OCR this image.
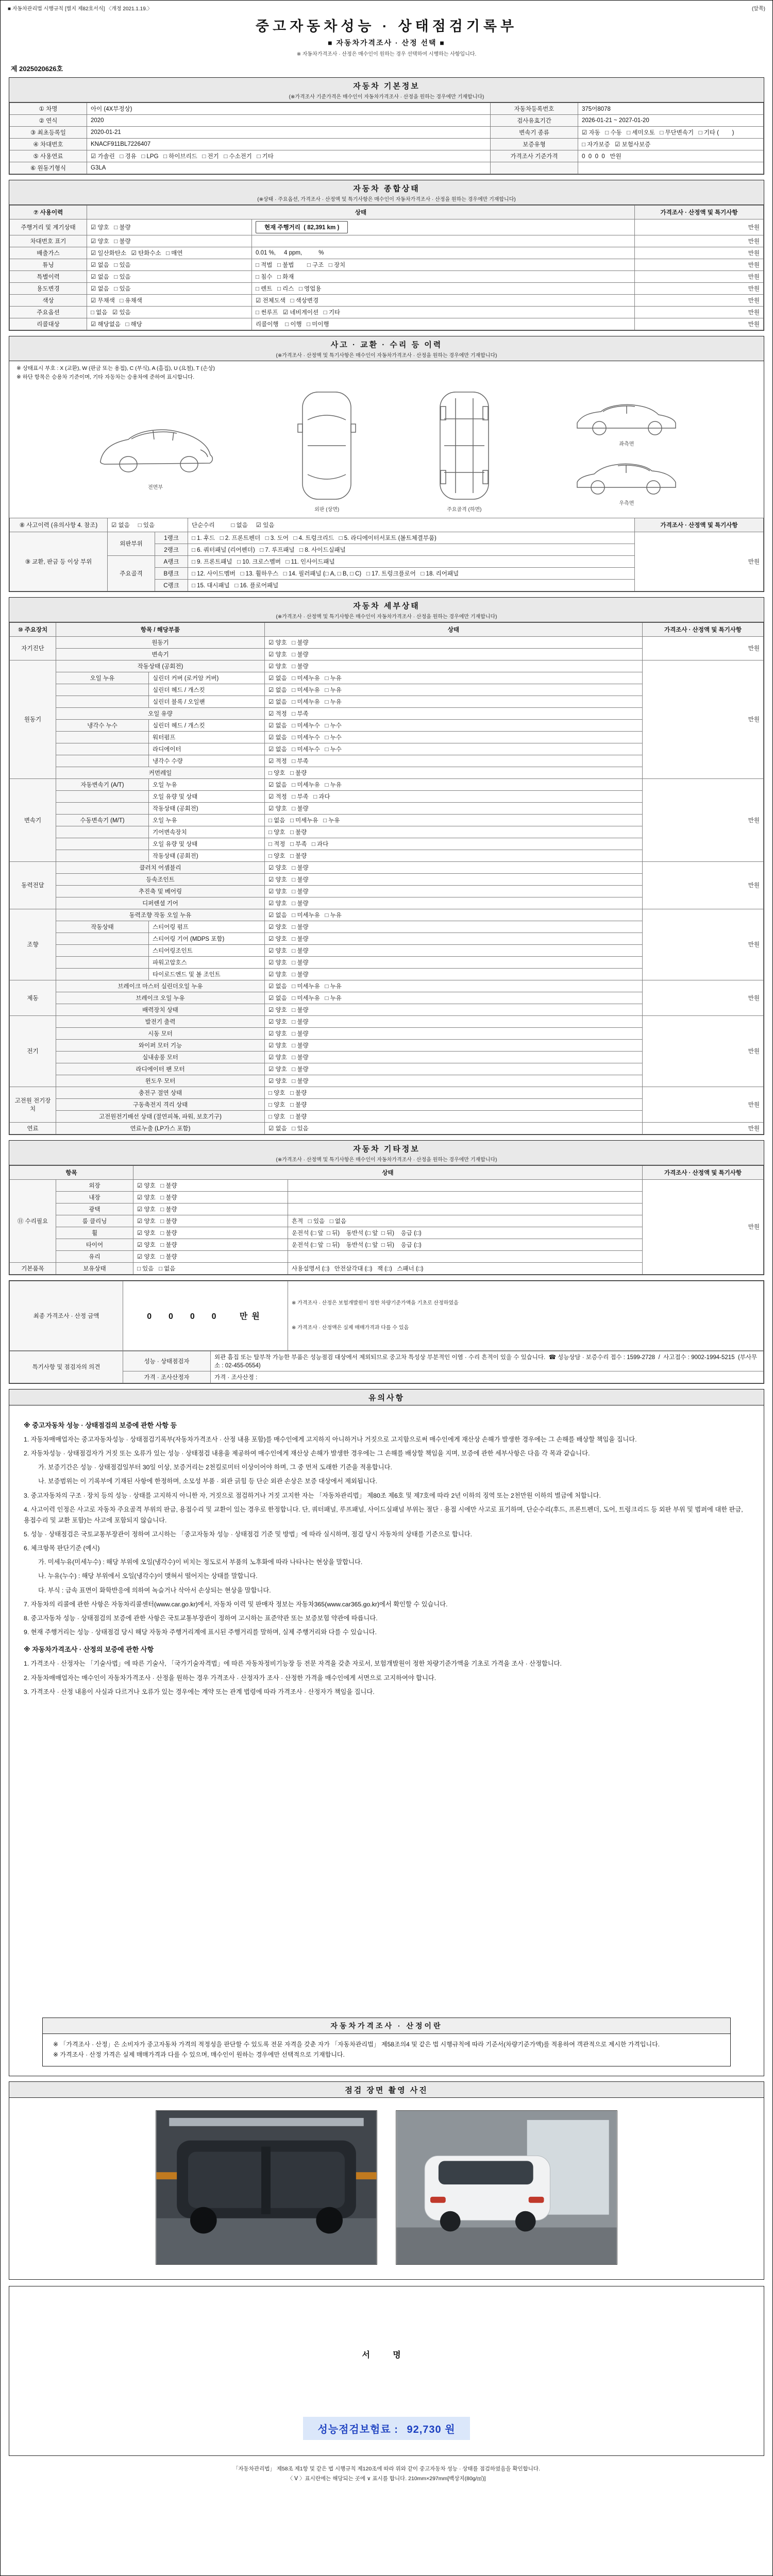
■ 자동차관리법 시행규칙 [별지 제82호서식] 〈개정 2021.1.19.〉	(앞쪽)
중고자동차성능 · 상태점검기록부
■ 자동차가격조사 · 산정 선택 ■
※ 자동차가격조사 · 산정은 매수인이 원하는 경우 선택하여 시행하는 사항입니다.
제 2025020626호
자동차 기본정보
(※가격조사 기준가격은 매수인이 자동차가격조사 · 산정을 원하는 경우에만 기재합니다)
① 차명	아이 (4X부정상)	자동차등록번호	375어8078
② 연식	2020	검사유효기간	2026-01-21 ~ 2027-01-20
③ 최초등록일	2020-01-21	변속기 종류	☑ 자동   □ 수동   □ 세미오토   □ 무단변속기   □ 기타 (        )
④ 차대번호	KNACF911BL7226407	보증유형	□ 자가보증   ☑ 보험사보증
⑤ 사용연료	☑ 가솔린   □ 경유   □ LPG   □ 하이브리드   □ 전기   □ 수소전기   □ 기타	가격조사 기준가격	0  0  0  0   만원
⑥ 원동기형식	G3LA		
자동차 종합상태
(※상태 · 주요옵션, 가격조사 · 산정액 및 특기사항은 매수인이 자동차가격조사 · 산정을 원하는 경우에만 기재합니다)
⑦ 사용이력	상태		가격조사 · 산정액 및 특기사항
주행거리 및 계기상태	☑ 양호   □ 불량	현재 주행거리  ( 82,391 km )	만원
차대번호 표기	☑ 양호   □ 불량		만원
배출가스	☑ 일산화탄소   ☑ 탄화수소   □ 매연	0.01 %,     4 ppm,          %	만원
튜닝	☑ 없음   □ 있음	□ 적법   □ 불법        □ 구조   □ 장치	만원
특별이력	☑ 없음   □ 있음	□ 침수   □ 화재	만원
용도변경	☑ 없음   □ 있음	□ 렌트   □ 리스   □ 영업용	만원
색상	☑ 무채색   □ 유채색	☑ 전체도색   □ 색상변경	만원
주요옵션	□ 없음   ☑ 있음	□ 썬루프   ☑ 네비게이션   □ 기타	만원
리콜대상	☑ 해당없음   □ 해당	리콜이행    □ 이행   □ 미이행	만원
사고 · 교환 · 수리 등 이력
(※가격조사 · 산정액 및 특기사항은 매수인이 자동차가격조사 · 산정을 원하는 경우에만 기재합니다)
※ 상태표시 부호 : X (교환), W (판금 또는 용접), C (부식), A (흠집), U (요철), T (손상)
※ 하단 항목은 승용차 기준이며, 기타 자동차는 승용차에 준하여 표시합니다.
전면부
외판 (상면)	주요골격 (하면)
좌측면
우측면
⑧ 사고이력 (유의사항 4. 참조)	☑ 없음     □ 있음		단순수리          □ 없음     ☑ 있음	가격조사 · 산정액 및 특기사항
⑨ 교환, 판금 등 이상 부위	외판부위	1랭크	□ 1. 후드   □ 2. 프론트펜더   □ 3. 도어   □ 4. 트렁크리드   □ 5. 라디에이터서포트 (볼트체결부품)	만원
		2랭크	□ 6. 쿼터패널 (리어펜더)   □ 7. 루프패널   □ 8. 사이드실패널	
	주요골격	A랭크	□ 9. 프론트패널   □ 10. 크로스멤버   □ 11. 인사이드패널	
		B랭크	□ 12. 사이드멤버   □ 13. 휠하우스   □ 14. 필러패널 (□ A, □ B, □ C)   □ 17. 트렁크플로어   □ 18. 리어패널	
		C랭크	□ 15. 대시패널   □ 16. 플로어패널	
자동차 세부상태
(※가격조사 · 산정액 및 특기사항은 매수인이 자동차가격조사 · 산정을 원하는 경우에만 기재합니다)
⑩ 주요장치	항목 / 해당부품		상태	가격조사 · 산정액 및 특기사항
자기진단	원동기		☑ 양호   □ 불량	만원
	변속기		☑ 양호   □ 불량	
원동기	작동상태 (공회전)		☑ 양호   □ 불량	만원
	오일 누유	실린더 커버 (로커암 커버)	☑ 없음   □ 미세누유   □ 누유	
		실린더 헤드 / 개스킷	☑ 없음   □ 미세누유   □ 누유	
		실린더 블록 / 오일팬	☑ 없음   □ 미세누유   □ 누유	
	오일 유량		☑ 적정   □ 부족	
	냉각수 누수	실린더 헤드 / 개스킷	☑ 없음   □ 미세누수   □ 누수	
		워터펌프	☑ 없음   □ 미세누수   □ 누수	
		라디에이터	☑ 없음   □ 미세누수   □ 누수	
		냉각수 수량	☑ 적정   □ 부족	
	커먼레일		□ 양호   □ 불량	
변속기	자동변속기 (A/T)	오일 누유	☑ 없음   □ 미세누유   □ 누유	만원
		오일 유량 및 상태	☑ 적정   □ 부족   □ 과다	
		작동상태 (공회전)	☑ 양호   □ 불량	
	수동변속기 (M/T)	오일 누유	□ 없음   □ 미세누유   □ 누유	
		기어변속장치	□ 양호   □ 불량	
		오일 유량 및 상태	□ 적정   □ 부족   □ 과다	
		작동상태 (공회전)	□ 양호   □ 불량	
동력전달	클러치 어셈블리		☑ 양호   □ 불량	만원
	등속조인트		☑ 양호   □ 불량	
	추진축 및 베어링		☑ 양호   □ 불량	
	디퍼렌셜 기어		☑ 양호   □ 불량	
조향	동력조향 작동 오일 누유		☑ 없음   □ 미세누유   □ 누유	만원
	작동상태	스티어링 펌프	☑ 양호   □ 불량	
		스티어링 기어 (MDPS 포함)	☑ 양호   □ 불량	
		스티어링조인트	☑ 양호   □ 불량	
		파워고압호스	☑ 양호   □ 불량	
		타이로드엔드 및 볼 조인트	☑ 양호   □ 불량	
제동	브레이크 마스터 실린더오일 누유		☑ 없음   □ 미세누유   □ 누유	만원
	브레이크 오일 누유		☑ 없음   □ 미세누유   □ 누유	
	배력장치 상태		☑ 양호   □ 불량	
전기	발전기 출력		☑ 양호   □ 불량	만원
	시동 모터		☑ 양호   □ 불량	
	와이퍼 모터 기능		☑ 양호   □ 불량	
	실내송풍 모터		☑ 양호   □ 불량	
	라디에이터 팬 모터		☑ 양호   □ 불량	
	윈도우 모터		☑ 양호   □ 불량	
고전원 전기장치	충전구 절연 상태		□ 양호   □ 불량	만원
	구동축전지 격리 상태		□ 양호   □ 불량	
	고전원전기배선 상태 (절연피복, 파워, 보호기구)		□ 양호   □ 불량	
연료	연료누출 (LP가스 포함)		☑ 없음   □ 있음	만원
자동차 기타정보
(※가격조사 · 산정액 및 특기사항은 매수인이 자동차가격조사 · 산정을 원하는 경우에만 기재합니다)
항목		상태		가격조사 · 산정액 및 특기사항
⑪ 수리필요	외장	☑ 양호   □ 불량		만원
	내장	☑ 양호   □ 불량		
	광택	☑ 양호   □ 불량		
	룸 클리닝	☑ 양호   □ 불량	흔적   □ 있음   □ 없음	
	휠	☑ 양호   □ 불량	운전석 (□ 앞  □ 뒤)    동반석 (□ 앞  □ 뒤)    응급 (□)	
	타이어	☑ 양호   □ 불량	운전석 (□ 앞  □ 뒤)    동반석 (□ 앞  □ 뒤)    응급 (□)	
	유리	☑ 양호   □ 불량		
기본품목	보유상태	□ 있음   □ 없음	사용설명서 (□)   안전삼각대 (□)   잭 (□)   스패너 (□)	
최종 가격조사 · 산정 금액	0  0  0  0   만원	

※ 가격조사 · 산정은 보험개발원이 정한 차량기준가액을 기초로 산정하였음

※ 가격조사 · 산정액은 실제 매매가격과 다를 수 있음

특기사항 및 점검자의 의견	성능 · 상태점검자	외관 흠집 또는 탈부착 가능한 부품은 성능점검 대상에서 제외되므로 중고차 특성상 부분적인 이염 · 수리 흔적이 있을 수 있습니다.  ☎ 성능상담 · 보증수리 접수 : 1599-2728  /  사고접수 : 9002-1994-5215  (부사무소 : 02-455-0554)
	가격 · 조사산정자	가격 · 조사산정 :
유의사항
※ 중고자동차 성능 · 상태점검의 보증에 관한 사항 등
1. 자동차매매업자는 중고자동차성능 · 상태점검기록부(자동차가격조사 · 산정 내용 포함)를 매수인에게 고지하지 아니하거나 거짓으로 고지함으로써 매수인에게 재산상 손해가 발생한 경우에는 그 손해를 배상할 책임을 집니다.
2. 자동차성능 · 상태점검자가 거짓 또는 오류가 있는 성능 · 상태점검 내용을 제공하여 매수인에게 재산상 손해가 발생한 경우에는 그 손해를 배상할 책임을 지며, 보증에 관한 세부사항은 다음 각 목과 같습니다.
가. 보증기간은 성능 · 상태점검일부터 30일 이상, 보증거리는 2천킬로미터 이상이어야 하며, 그 중 먼저 도래한 기준을 적용합니다.
나. 보증범위는 이 기록부에 기재된 사항에 한정하며, 소모성 부품 · 외관 긁힘 등 단순 외관 손상은 보증 대상에서 제외됩니다.
3. 중고자동차의 구조 · 장치 등의 성능 · 상태를 고지하지 아니한 자, 거짓으로 점검하거나 거짓 고지한 자는 「자동차관리법」 제80조 제6호 및 제7호에 따라 2년 이하의 징역 또는 2천만원 이하의 벌금에 처합니다.
4. 사고이력 인정은 사고로 자동차 주요골격 부위의 판금, 용접수리 및 교환이 있는 경우로 한정합니다. 단, 쿼터패널, 루프패널, 사이드실패널 부위는 절단 · 용접 시에만 사고로 표기하며, 단순수리(후드, 프론트펜더, 도어, 트렁크리드 등 외판 부위 및 범퍼에 대한 판금, 용접수리 및 교환 포함)는 사고에 포함되지 않습니다.
5. 성능 · 상태점검은 국토교통부장관이 정하여 고시하는 「중고자동차 성능 · 상태점검 기준 및 방법」에 따라 실시하며, 점검 당시 자동차의 상태를 기준으로 합니다.
6. 체크항목 판단기준 (예시)
가. 미세누유(미세누수) : 해당 부위에 오일(냉각수)이 비치는 정도로서 부품의 노후화에 따라 나타나는 현상을 말합니다.
나. 누유(누수) : 해당 부위에서 오일(냉각수)이 맺혀서 떨어지는 상태를 말합니다.
다. 부식 : 금속 표면이 화학반응에 의하여 녹슬거나 삭아서 손상되는 현상을 말합니다.
7. 자동차의 리콜에 관한 사항은 자동차리콜센터(www.car.go.kr)에서, 자동차 이력 및 판매자 정보는 자동차365(www.car365.go.kr)에서 확인할 수 있습니다.
8. 중고자동차 성능 · 상태점검의 보증에 관한 사항은 국토교통부장관이 정하여 고시하는 표준약관 또는 보증보험 약관에 따릅니다.
9. 현재 주행거리는 성능 · 상태점검 당시 해당 자동차 주행거리계에 표시된 주행거리를 말하며, 실제 주행거리와 다를 수 있습니다.
※ 자동차가격조사 · 산정의 보증에 관한 사항
1. 가격조사 · 산정자는 「기술사법」에 따른 기술사, 「국가기술자격법」에 따른 자동차정비기능장 등 전문 자격을 갖춘 자로서, 보험개발원이 정한 차량기준가액을 기초로 가격을 조사 · 산정합니다.
2. 자동차매매업자는 매수인이 자동차가격조사 · 산정을 원하는 경우 가격조사 · 산정자가 조사 · 산정한 가격을 매수인에게 서면으로 고지하여야 합니다.
3. 가격조사 · 산정 내용이 사실과 다르거나 오류가 있는 경우에는 계약 또는 관계 법령에 따라 가격조사 · 산정자가 책임을 집니다.
자동차가격조사 · 산정이란
※ 「가격조사 · 산정」은 소비자가 중고자동차 가격의 적정성을 판단할 수 있도록 전문 자격을 갖춘 자가 「자동차관리법」 제58조의4 및 같은 법 시행규칙에 따라 기준서(차량기준가액)를 적용하여 객관적으로 제시한 가격입니다.
※ 가격조사 · 산정 가격은 실제 매매가격과 다를 수 있으며, 매수인이 원하는 경우에만 선택적으로 기재합니다.
점검 장면 촬영 사진
서 명
성능점검보험료 : 92,730 원
「자동차관리법」 제58조 제1항 및 같은 법 시행규칙 제120조에 따라 위와 같이 중고자동차 성능 · 상태를 점검하였음을 확인합니다.
〈 Ⅴ 〉표시란에는 해당되는 곳에 ∨ 표시를 합니다. 210mm×297mm[백상지(80g/㎡)]
